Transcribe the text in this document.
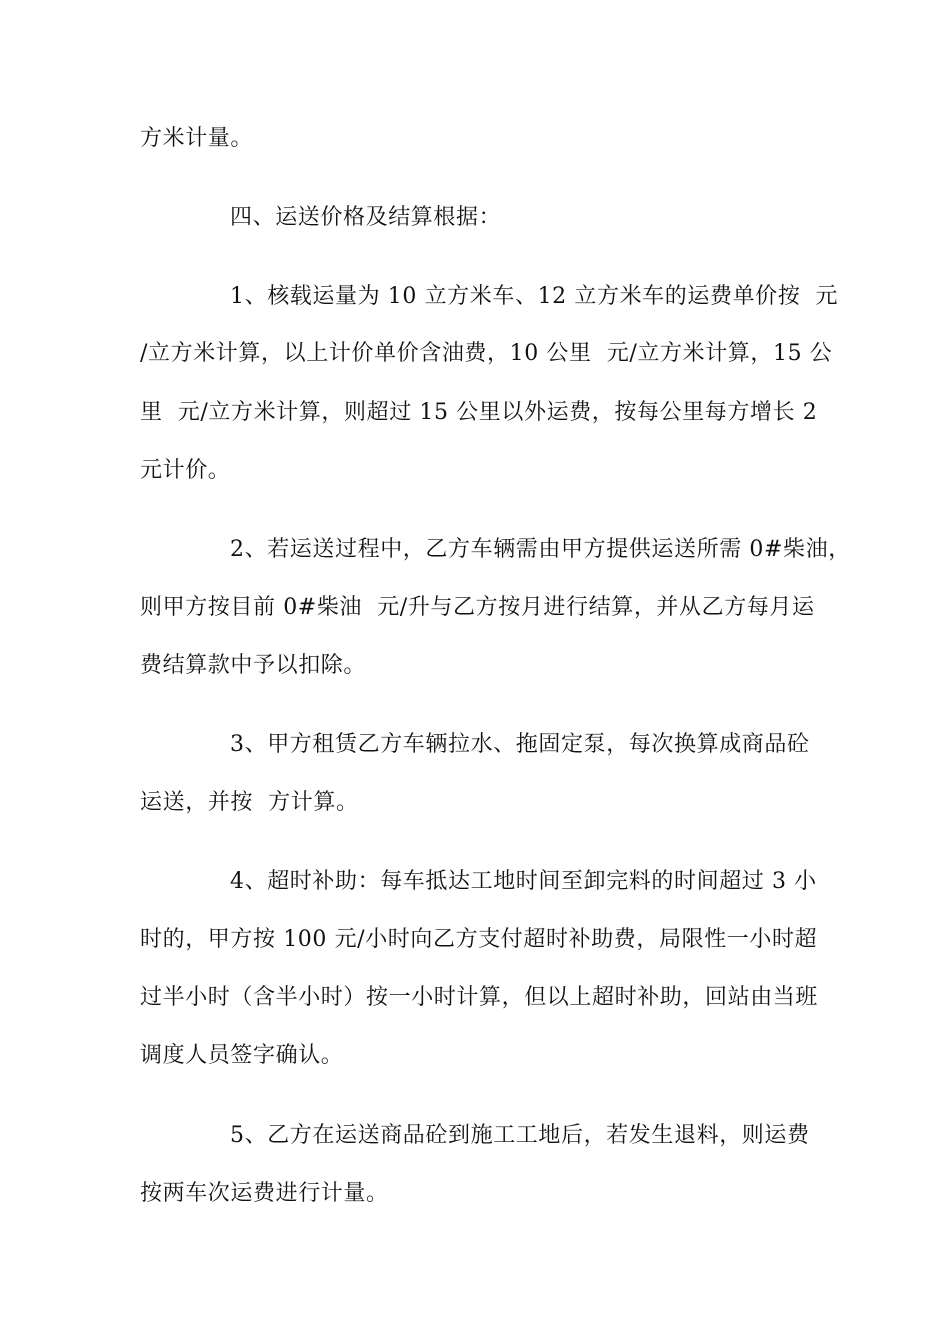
方米计量。
四、运送价格及结算根据：
1、核载运量为 10 立方米车、12 立方米车的运费单价按  元
/立方米计算，以上计价单价含油费，10 公里  元/立方米计算，15 公
里  元/立方米计算，则超过 15 公里以外运费，按每公里每方增长 2
元计价。
2、若运送过程中，乙方车辆需由甲方提供运送所需 0#柴油，
则甲方按目前 0#柴油  元/升与乙方按月进行结算，并从乙方每月运
费结算款中予以扣除。
3、甲方租赁乙方车辆拉水、拖固定泵，每次换算成商品砼
运送，并按  方计算。
4、超时补助：每车抵达工地时间至卸完料的时间超过 3 小
时的，甲方按 100 元/小时向乙方支付超时补助费，局限性一小时超
过半小时（含半小时）按一小时计算，但以上超时补助，回站由当班
调度人员签字确认。
5、乙方在运送商品砼到施工工地后，若发生退料，则运费
按两车次运费进行计量。
